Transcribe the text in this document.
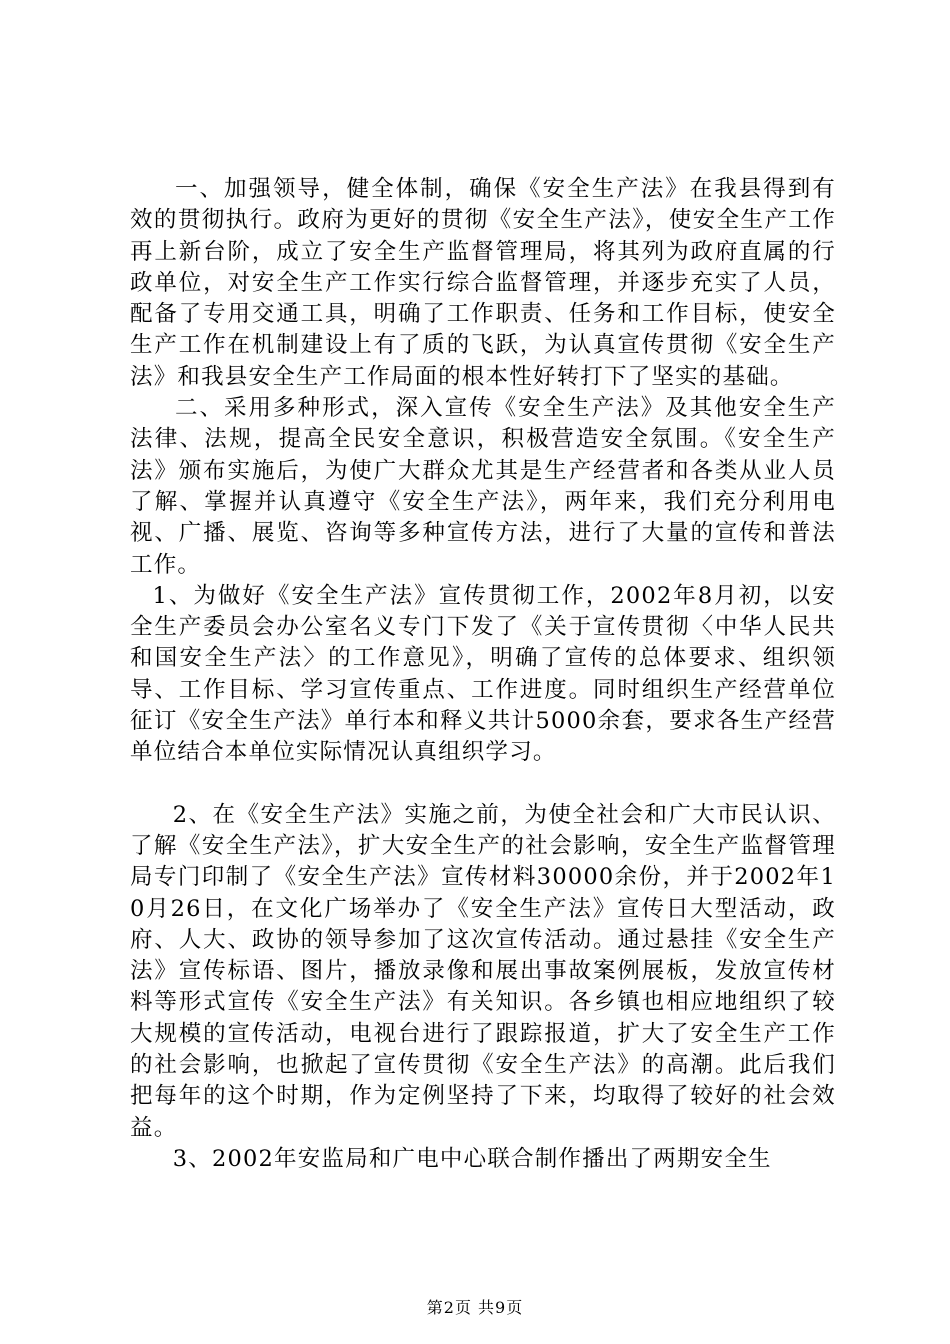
一、加强领导，健全体制，确保《安全生产法》在我县得到有效的贯彻执行。政府为更好的贯彻《安全生产法》，使安全生产工作再上新台阶，成立了安全生产监督管理局，将其列为政府直属的行政单位，对安全生产工作实行综合监督管理，并逐步充实了人员，配备了专用交通工具，明确了工作职责、任务和工作目标，使安全生产工作在机制建设上有了质的飞跃，为认真宣传贯彻《安全生产法》和我县安全生产工作局面的根本性好转打下了坚实的基础。

二、采用多种形式，深入宣传《安全生产法》及其他安全生产法律、法规，提高全民安全意识，积极营造安全氛围。《安全生产法》颁布实施后，为使广大群众尤其是生产经营者和各类从业人员了解、掌握并认真遵守《安全生产法》，两年来，我们充分利用电视、广播、展览、咨询等多种宣传方法，进行了大量的宣传和普法工作。

1、为做好《安全生产法》宣传贯彻工作，2002年8月初，以安全生产委员会办公室名义专门下发了《关于宣传贯彻〈中华人民共和国安全生产法〉的工作意见》，明确了宣传的总体要求、组织领导、工作目标、学习宣传重点、工作进度。同时组织生产经营单位征订《安全生产法》单行本和释义共计5000余套，要求各生产经营单位结合本单位实际情况认真组织学习。

2、在《安全生产法》实施之前，为使全社会和广大市民认识、了解《安全生产法》，扩大安全生产的社会影响，安全生产监督管理局专门印制了《安全生产法》宣传材料30000余份，并于2002年10月26日，在文化广场举办了《安全生产法》宣传日大型活动，政府、人大、政协的领导参加了这次宣传活动。通过悬挂《安全生产法》宣传标语、图片，播放录像和展出事故案例展板，发放宣传材料等形式宣传《安全生产法》有关知识。各乡镇也相应地组织了较大规模的宣传活动，电视台进行了跟踪报道，扩大了安全生产工作的社会影响，也掀起了宣传贯彻《安全生产法》的高潮。此后我们把每年的这个时期，作为定例坚持了下来，均取得了较好的社会效益。

3、2002年安监局和广电中心联合制作播出了两期安全生

第2页 共9页
